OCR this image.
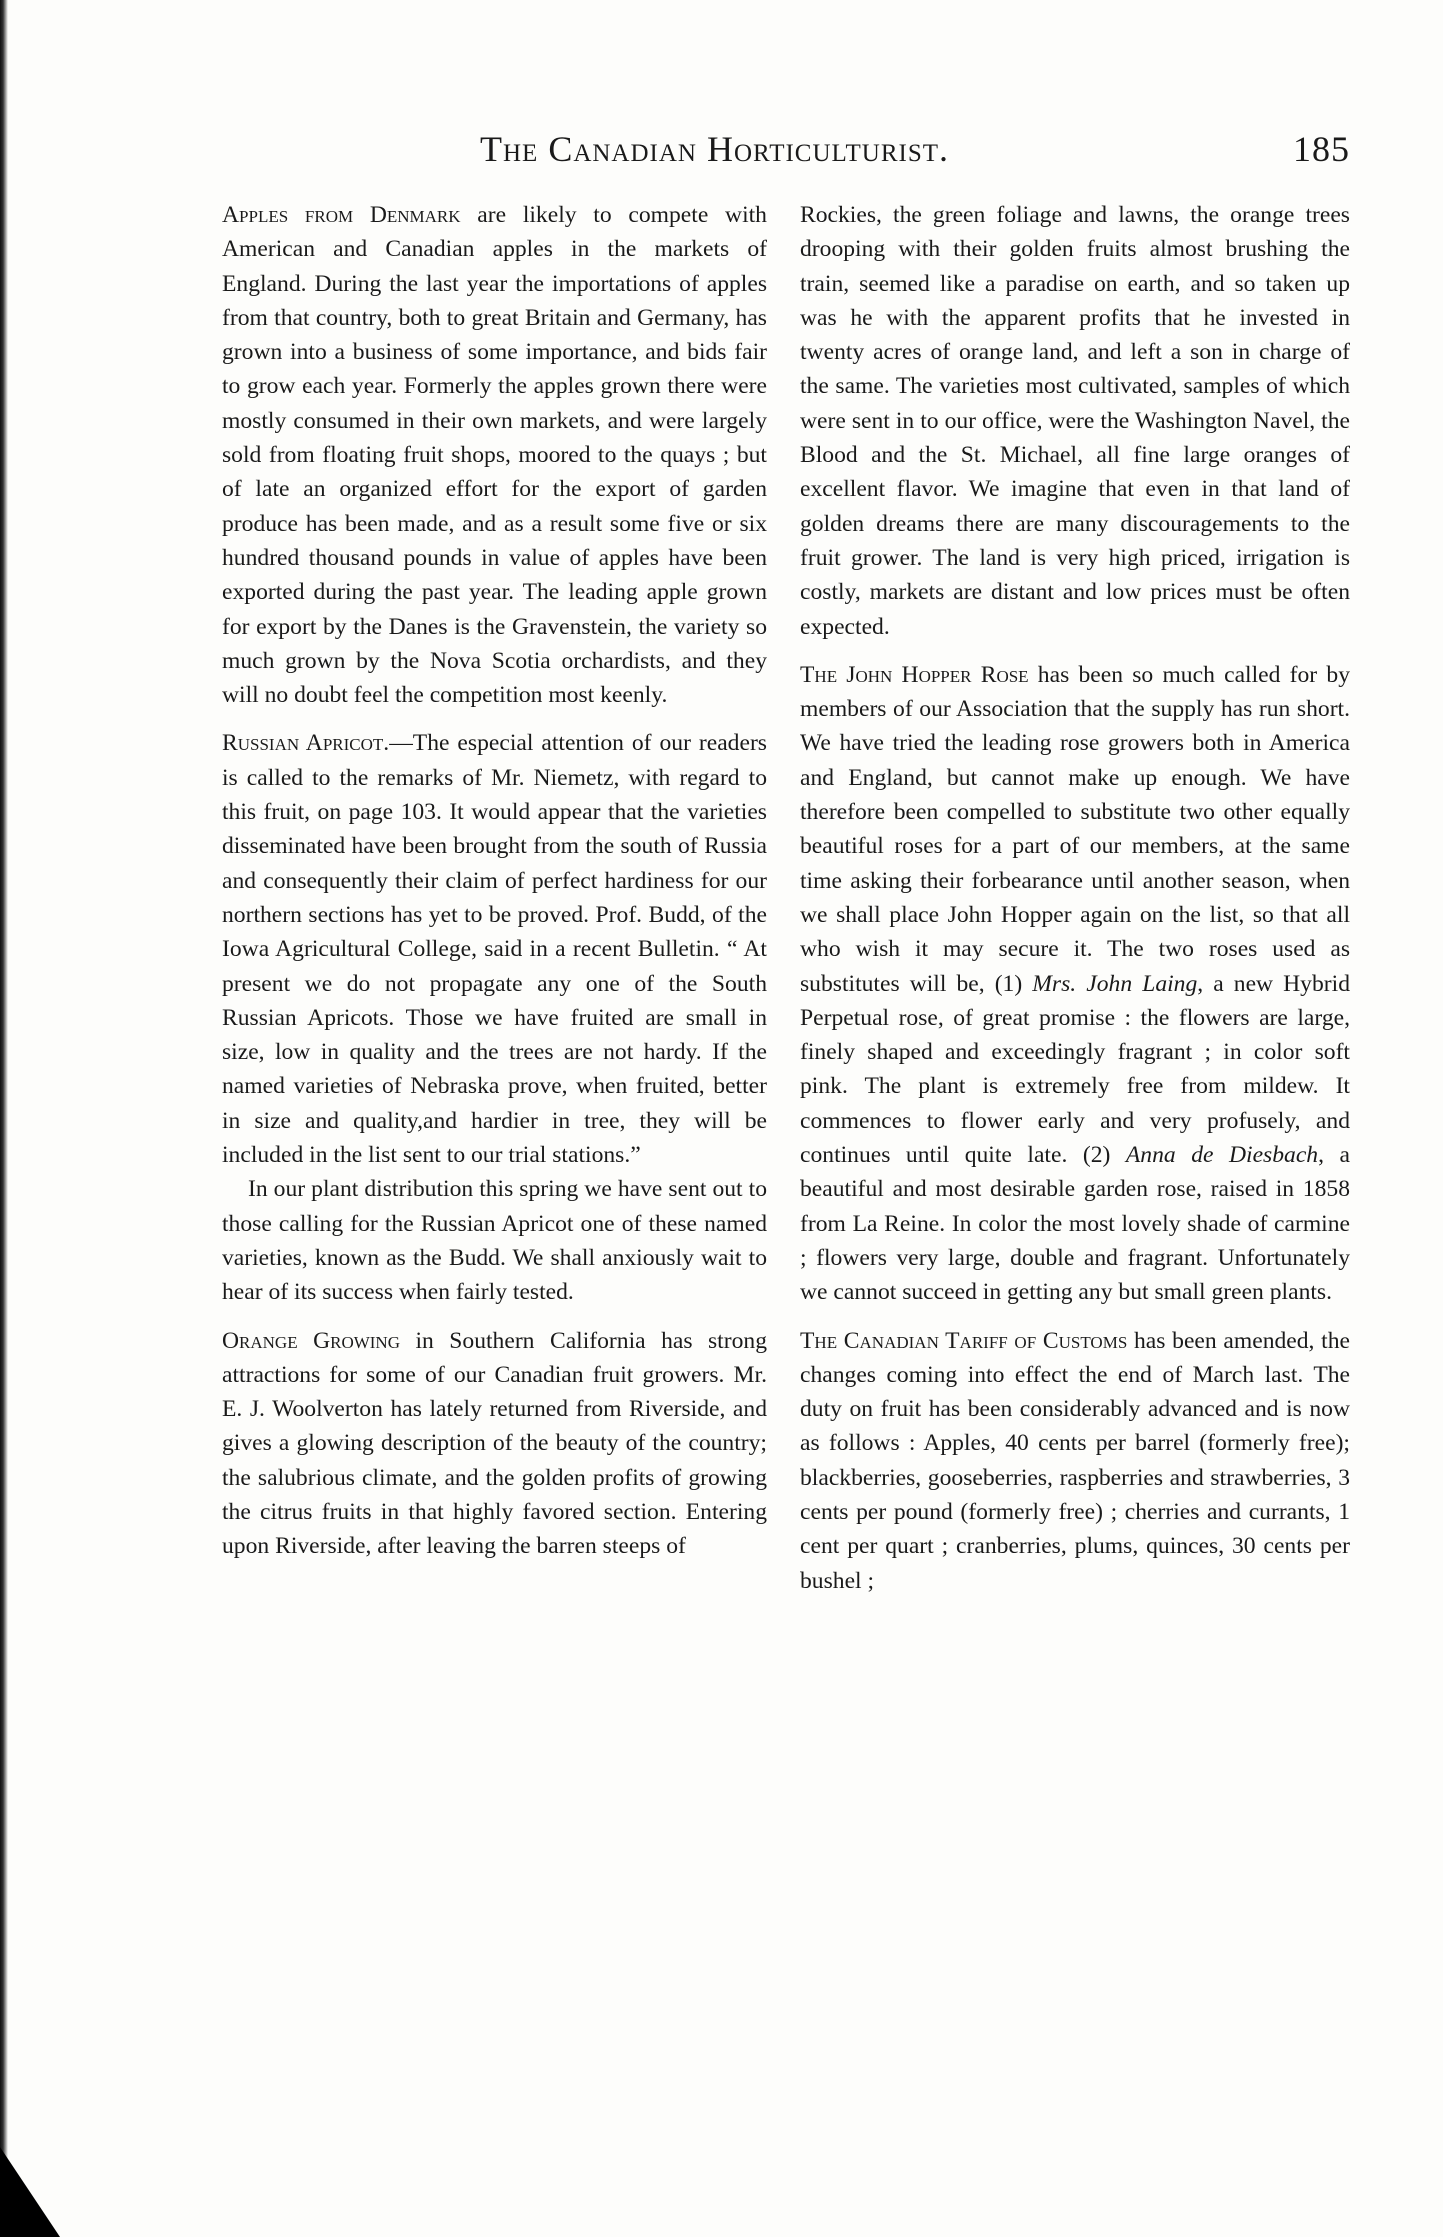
The Canadian Horticulturist.	185

Apples from Denmark are likely to compete with American and Canadian apples in the markets of England. During the last year the importations of apples from that country, both to great Britain and Germany, has grown into a business of some importance, and bids fair to grow each year. Formerly the apples grown there were mostly consumed in their own markets, and were largely sold from floating fruit shops, moored to the quays ; but of late an organized effort for the export of garden produce has been made, and as a result some five or six hundred thousand pounds in value of apples have been exported during the past year. The leading apple grown for export by the Danes is the Gravenstein, the variety so much grown by the Nova Scotia orchardists, and they will no doubt feel the competition most keenly.

Russian Apricot.—The especial attention of our readers is called to the remarks of Mr. Niemetz, with regard to this fruit, on page 103. It would appear that the varieties disseminated have been brought from the south of Russia and consequently their claim of perfect hardiness for our northern sections has yet to be proved. Prof. Budd, of the Iowa Agricultural College, said in a recent Bulletin. “ At present we do not propagate any one of the South Russian Apricots. Those we have fruited are small in size, low in quality and the trees are not hardy. If the named varieties of Nebraska prove, when fruited, better in size and quality,and hardier in tree, they will be included in the list sent to our trial stations.”

In our plant distribution this spring we have sent out to those calling for the Russian Apricot one of these named varieties, known as the Budd. We shall anxiously wait to hear of its success when fairly tested.

Orange Growing in Southern California has strong attractions for some of our Canadian fruit growers. Mr. E. J. Woolverton has lately returned from Riverside, and gives a glowing description of the beauty of the country; the salubrious climate, and the golden profits of growing the citrus fruits in that highly favored section. Entering upon Riverside, after leaving the barren steeps of

Rockies, the green foliage and lawns, the orange trees drooping with their golden fruits almost brushing the train, seemed like a paradise on earth, and so taken up was he with the apparent profits that he invested in twenty acres of orange land, and left a son in charge of the same. The varieties most cultivated, samples of which were sent in to our office, were the Washington Navel, the Blood and the St. Michael, all fine large oranges of excellent flavor. We imagine that even in that land of golden dreams there are many discouragements to the fruit grower. The land is very high priced, irrigation is costly, markets are distant and low prices must be often expected.

The John Hopper Rose has been so much called for by members of our Association that the supply has run short. We have tried the leading rose growers both in America and England, but cannot make up enough. We have therefore been compelled to substitute two other equally beautiful roses for a part of our members, at the same time asking their forbearance until another season, when we shall place John Hopper again on the list, so that all who wish it may secure it. The two roses used as substitutes will be, (1) Mrs. John Laing, a new Hybrid Perpetual rose, of great promise : the flowers are large, finely shaped and exceedingly fragrant ; in color soft pink. The plant is extremely free from mildew. It commences to flower early and very profusely, and continues until quite late. (2) Anna de Diesbach, a beautiful and most desirable garden rose, raised in 1858 from La Reine. In color the most lovely shade of carmine ; flowers very large, double and fragrant. Unfortunately we cannot succeed in getting any but small green plants.

The Canadian Tariff of Customs has been amended, the changes coming into effect the end of March last. The duty on fruit has been considerably advanced and is now as follows : Apples, 40 cents per barrel (formerly free); blackberries, gooseberries, raspberries and strawberries, 3 cents per pound (formerly free) ; cherries and currants, 1 cent per quart ; cranberries, plums, quinces, 30 cents per bushel ;
